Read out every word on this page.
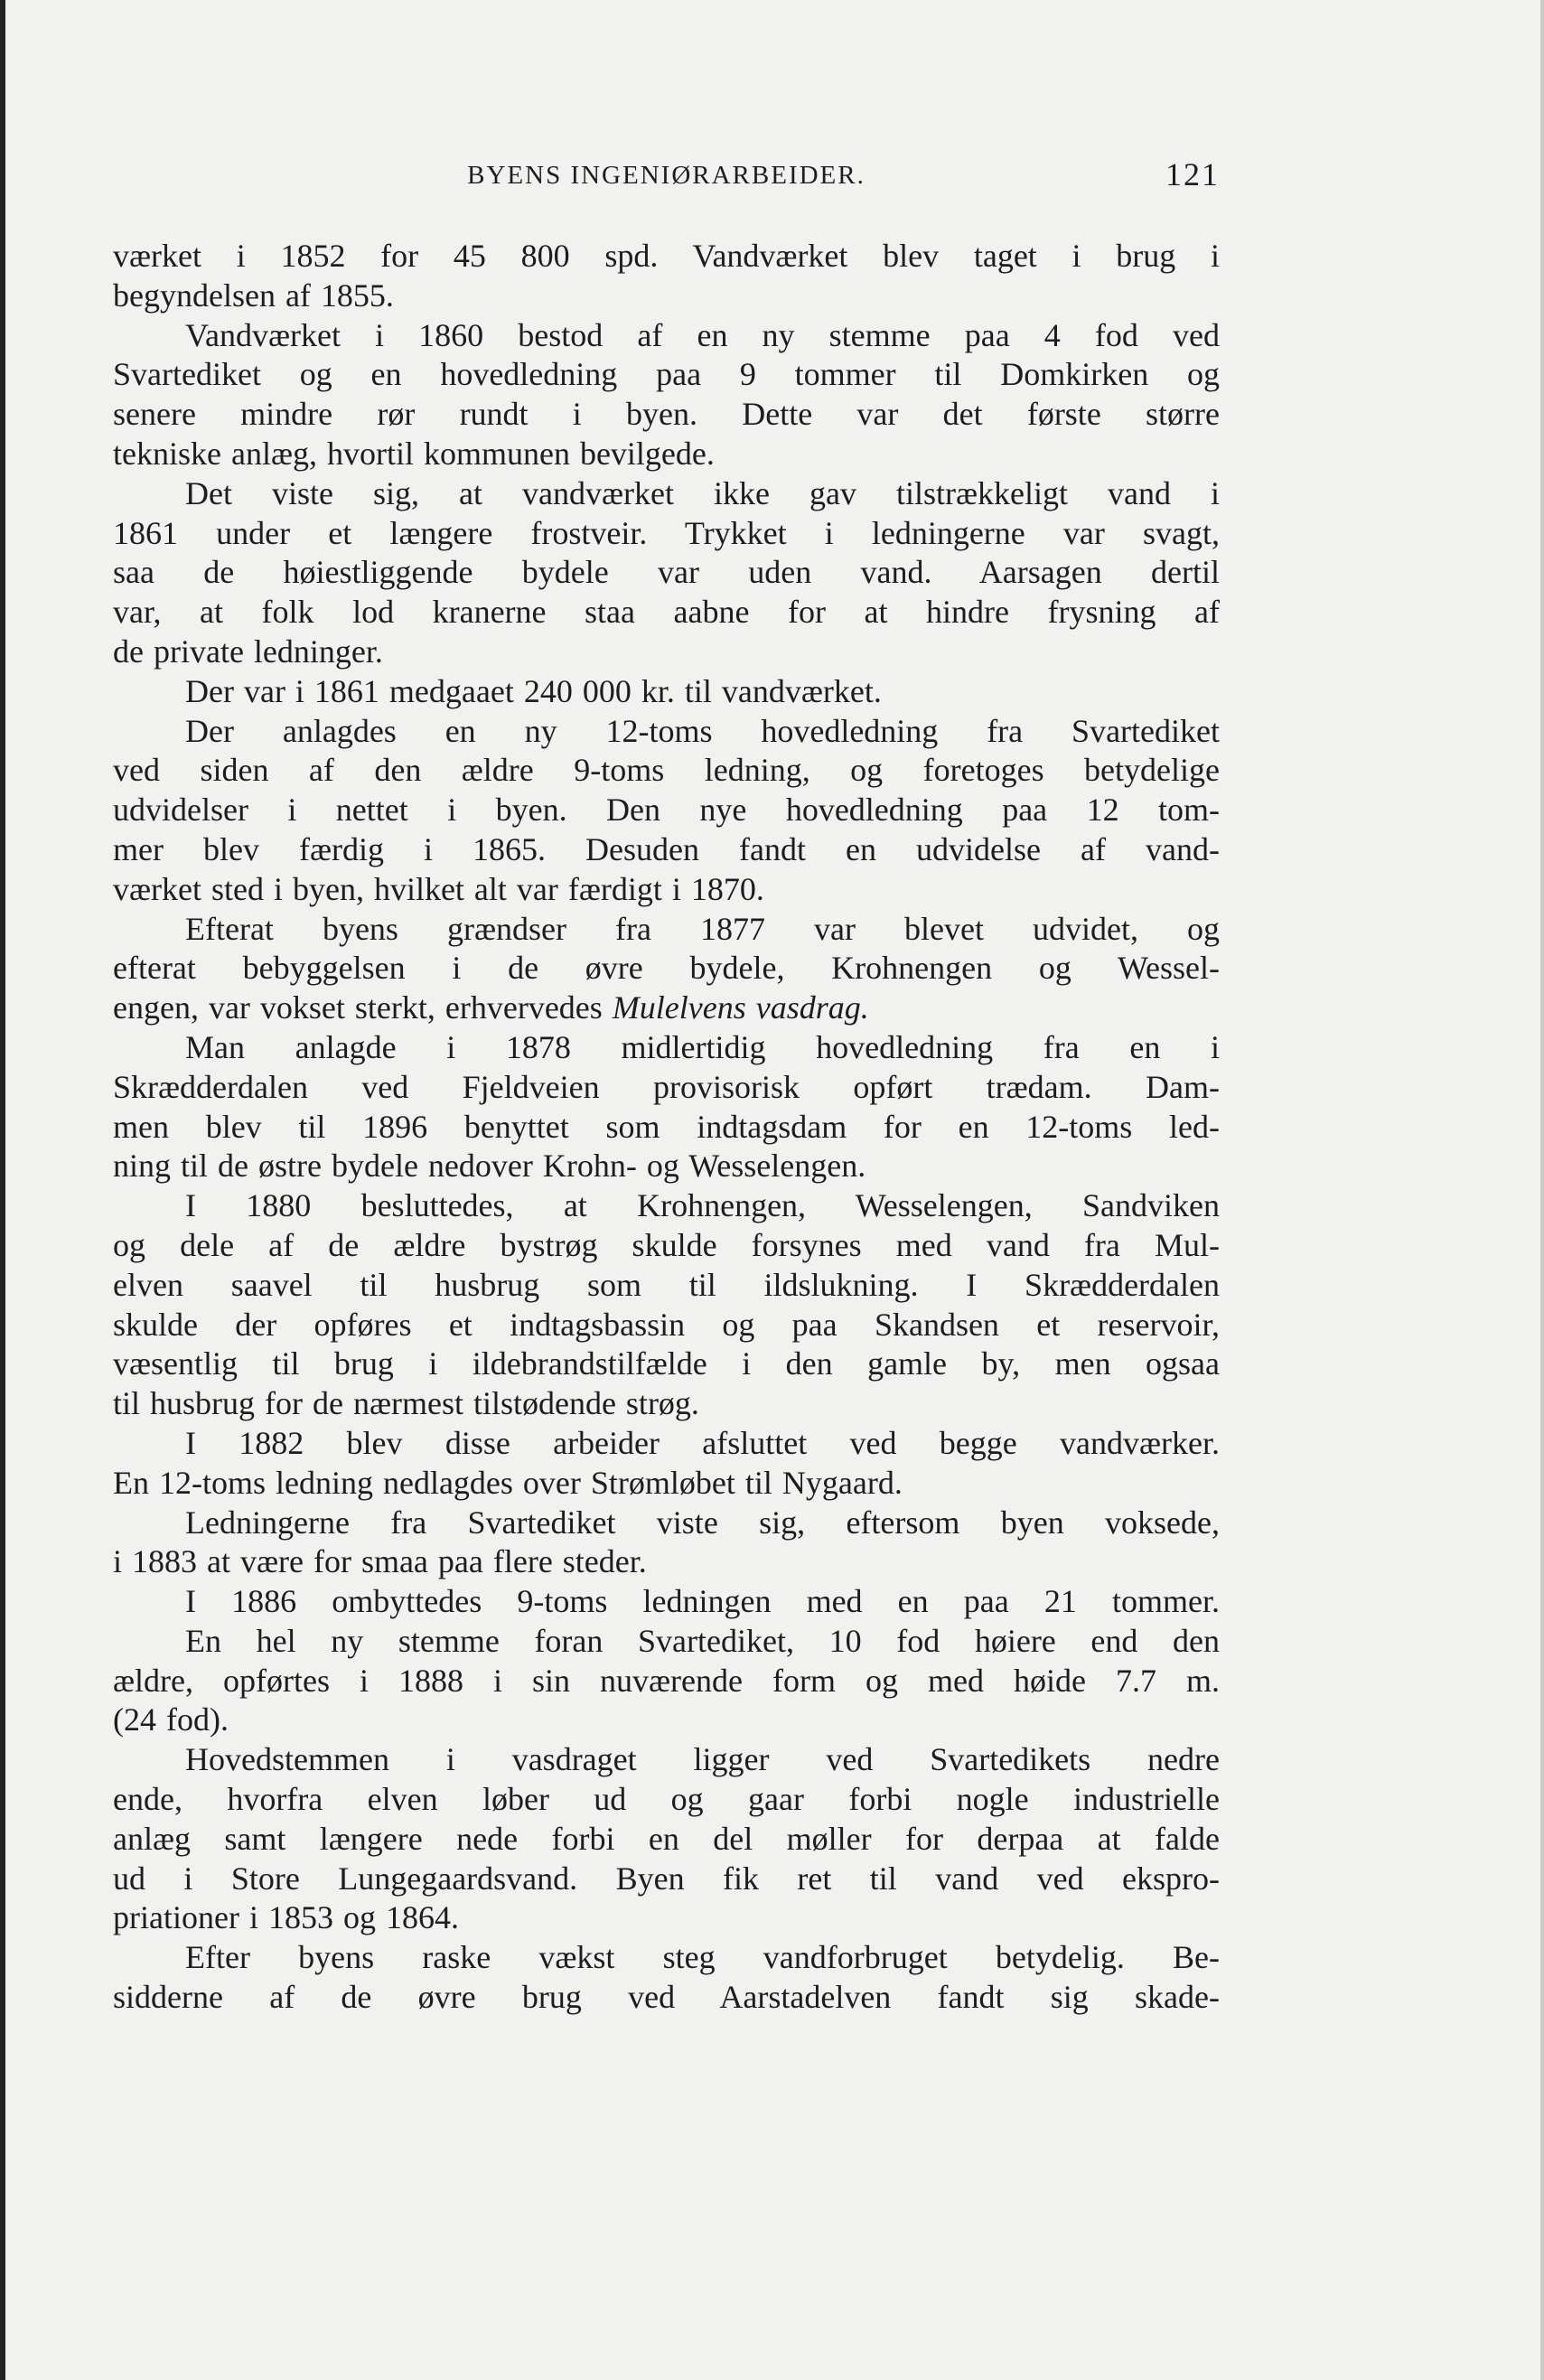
BYENS INGENIØRARBEIDER.	121
værket i 1852 for 45 800 spd. Vandværket blev taget i brug i
begyndelsen af 1855.
Vandværket i 1860 bestod af en ny stemme paa 4 fod ved
Svartediket og en hovedledning paa 9 tommer til Domkirken og
senere mindre rør rundt i byen. Dette var det første større
tekniske anlæg, hvortil kommunen bevilgede.
Det viste sig, at vandværket ikke gav tilstrækkeligt vand i
1861 under et længere frostveir. Trykket i ledningerne var svagt,
saa de høiestliggende bydele var uden vand. Aarsagen dertil
var, at folk lod kranerne staa aabne for at hindre frysning af
de private ledninger.
Der var i 1861 medgaaet 240 000 kr. til vandværket.
Der anlagdes en ny 12-toms hovedledning fra Svartediket
ved siden af den ældre 9-toms ledning, og foretoges betydelige
udvidelser i nettet i byen. Den nye hovedledning paa 12 tom-
mer blev færdig i 1865. Desuden fandt en udvidelse af vand-
værket sted i byen, hvilket alt var færdigt i 1870.
Efterat byens grændser fra 1877 var blevet udvidet, og
efterat bebyggelsen i de øvre bydele, Krohnengen og Wessel-
engen, var vokset sterkt, erhvervedes Mulelvens vasdrag.
Man anlagde i 1878 midlertidig hovedledning fra en i
Skrædderdalen ved Fjeldveien provisorisk opført trædam. Dam-
men blev til 1896 benyttet som indtagsdam for en 12-toms led-
ning til de østre bydele nedover Krohn- og Wesselengen.
I 1880 besluttedes, at Krohnengen, Wesselengen, Sandviken
og dele af de ældre bystrøg skulde forsynes med vand fra Mul-
elven saavel til husbrug som til ildslukning. I Skrædderdalen
skulde der opføres et indtagsbassin og paa Skandsen et reservoir,
væsentlig til brug i ildebrandstilfælde i den gamle by, men ogsaa
til husbrug for de nærmest tilstødende strøg.
I 1882 blev disse arbeider afsluttet ved begge vandværker.
En 12-toms ledning nedlagdes over Strømløbet til Nygaard.
Ledningerne fra Svartediket viste sig, eftersom byen voksede,
i 1883 at være for smaa paa flere steder.
I 1886 ombyttedes 9-toms ledningen med en paa 21 tommer.
En hel ny stemme foran Svartediket, 10 fod høiere end den
ældre, opførtes i 1888 i sin nuværende form og med høide 7.7 m.
(24 fod).
Hovedstemmen i vasdraget ligger ved Svartedikets nedre
ende, hvorfra elven løber ud og gaar forbi nogle industrielle
anlæg samt længere nede forbi en del møller for derpaa at falde
ud i Store Lungegaardsvand. Byen fik ret til vand ved ekspro-
priationer i 1853 og 1864.
Efter byens raske vækst steg vandforbruget betydelig. Be-
sidderne af de øvre brug ved Aarstadelven fandt sig skade-
